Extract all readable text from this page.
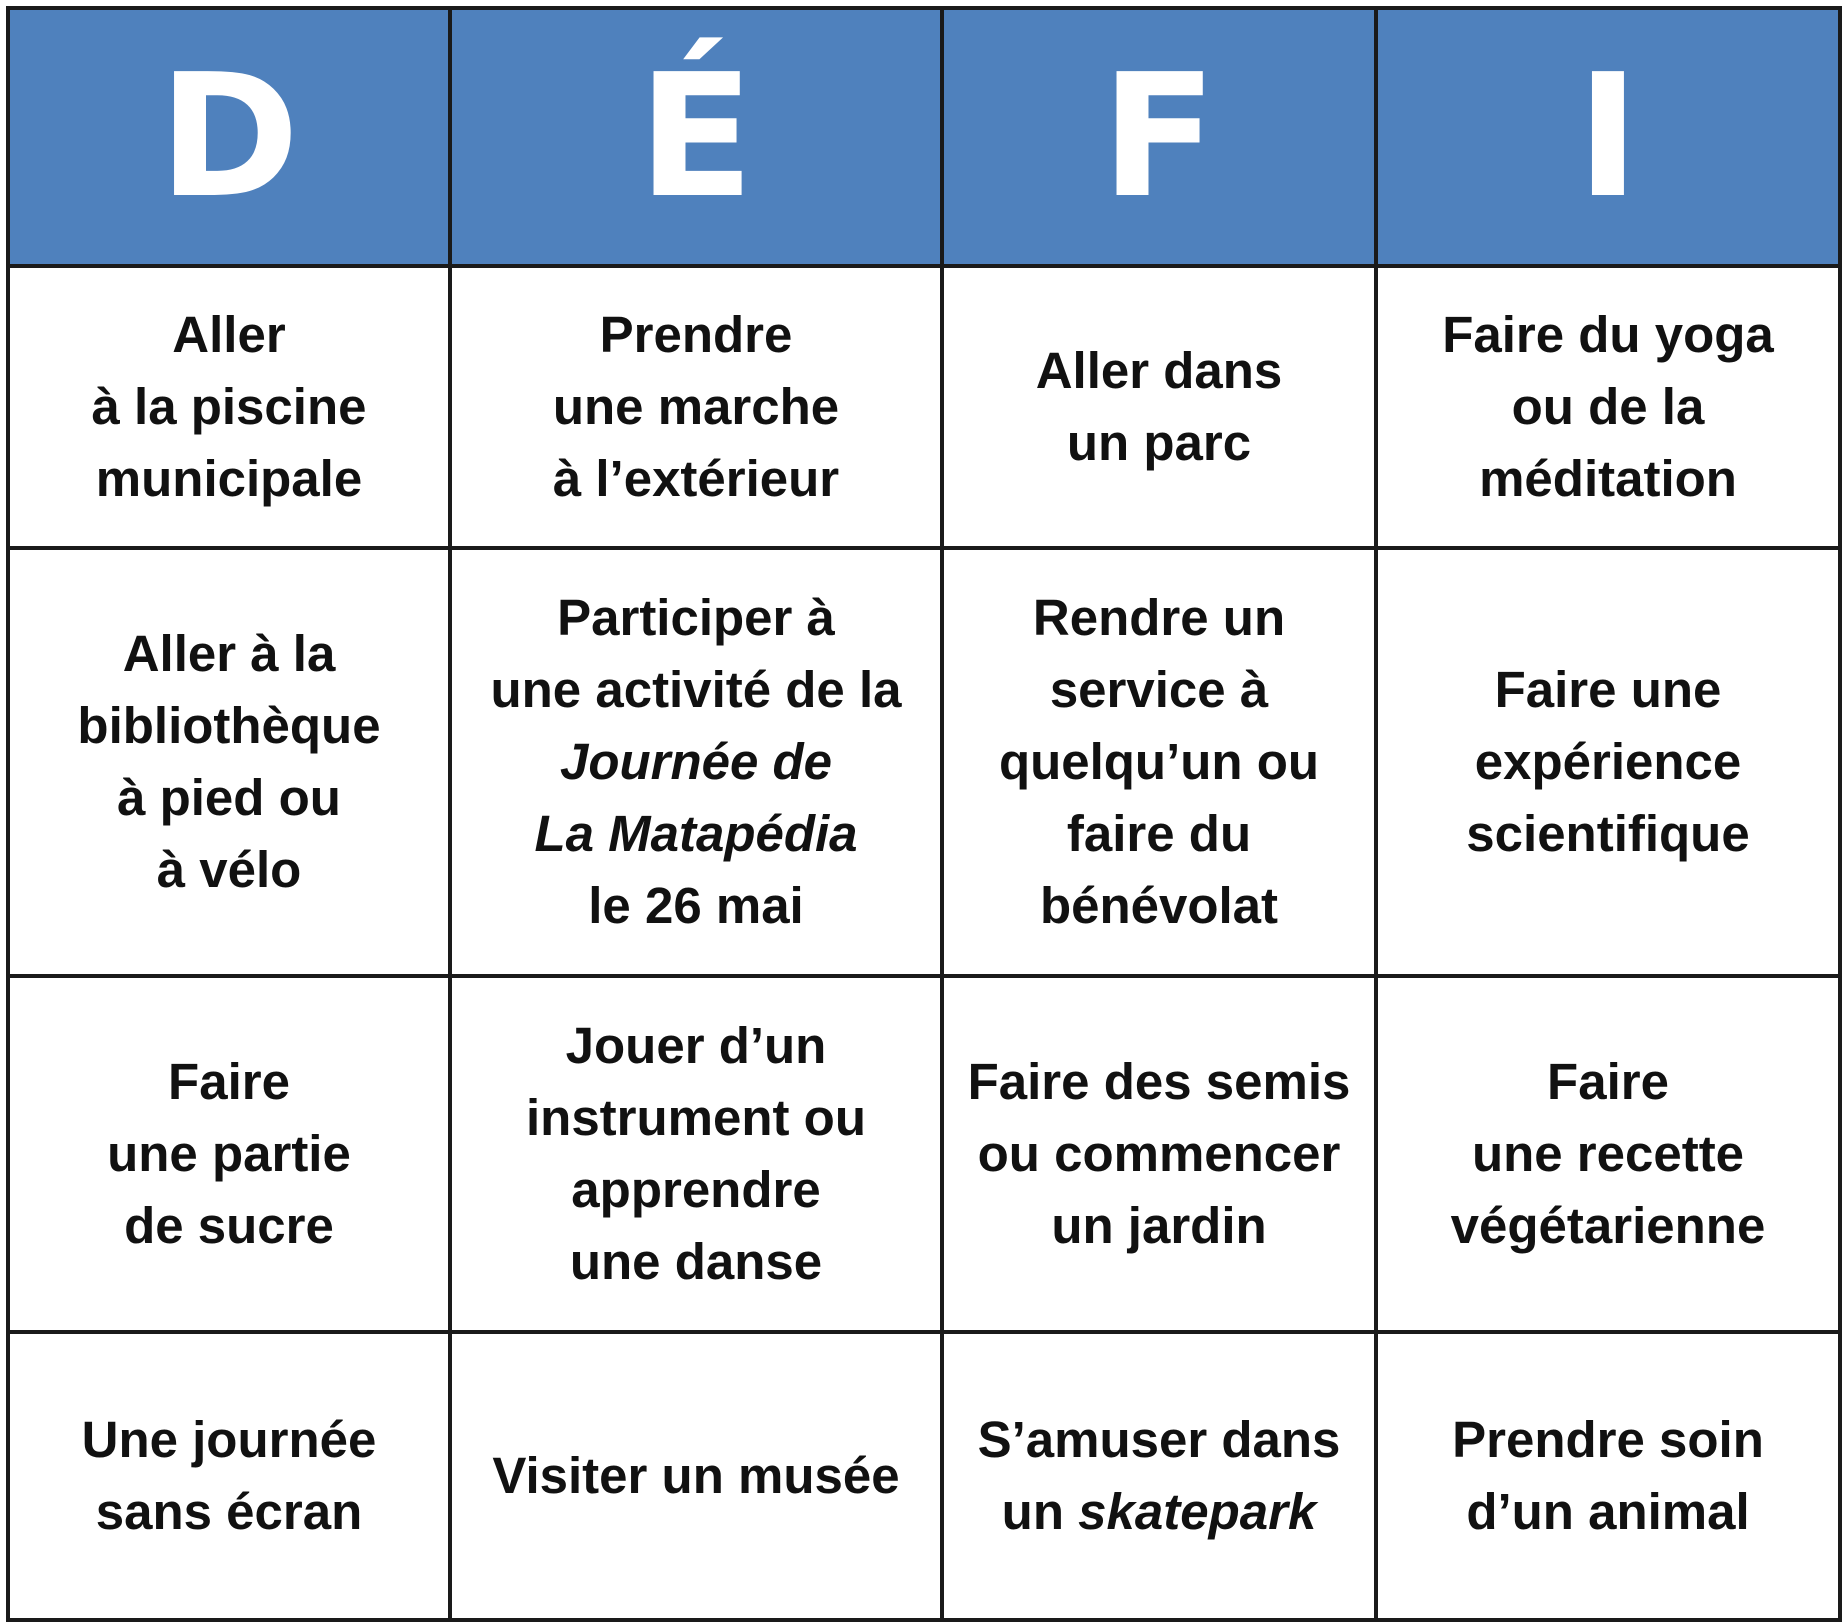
D	É	F	I

Aller
à la piscine
municipale	Prendre
une marche
à l’extérieur	Aller dans
un parc	Faire du yoga
ou de la
méditation

Aller à la
bibliothèque
à pied ou
à vélo	Participer à
une activité de la
Journée de
La Matapédia
le 26 mai	Rendre un
service à
quelqu’un ou
faire du
bénévolat	Faire une
expérience
scientifique

Faire
une partie
de sucre	Jouer d’un
instrument ou
apprendre
une danse	Faire des semis
ou commencer
un jardin	Faire
une recette
végétarienne

Une journée
sans écran	Visiter un musée	S’amuser dans
un skatepark	Prendre soin
d’un animal
